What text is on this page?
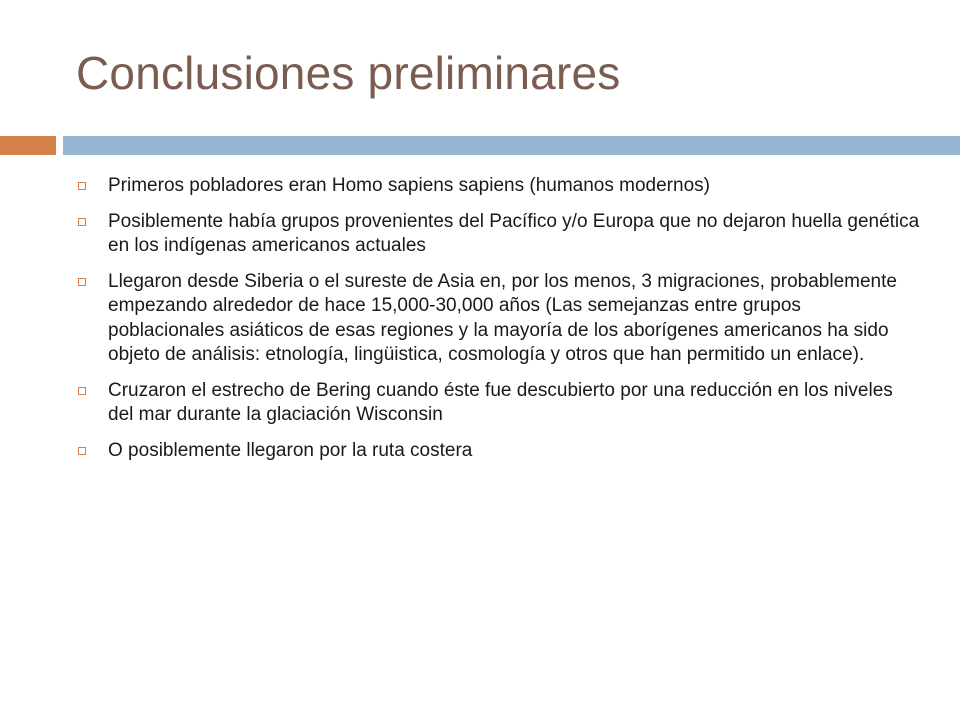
Conclusiones preliminares
Primeros pobladores eran Homo sapiens sapiens (humanos modernos)
Posiblemente había grupos provenientes del Pacífico y/o Europa que no dejaron huella genética en los indígenas americanos actuales
Llegaron desde Siberia o el sureste de Asia en, por los menos, 3 migraciones, probablemente empezando alrededor de hace 15,000-30,000 años (Las semejanzas entre grupos poblacionales asiáticos de esas regiones y la mayoría de los aborígenes americanos ha sido objeto de análisis: etnología, lingüistica, cosmología y otros que han permitido un enlace).
Cruzaron el estrecho de Bering cuando éste fue descubierto por una reducción en los niveles del mar durante la glaciación Wisconsin
O posiblemente llegaron por la ruta costera
